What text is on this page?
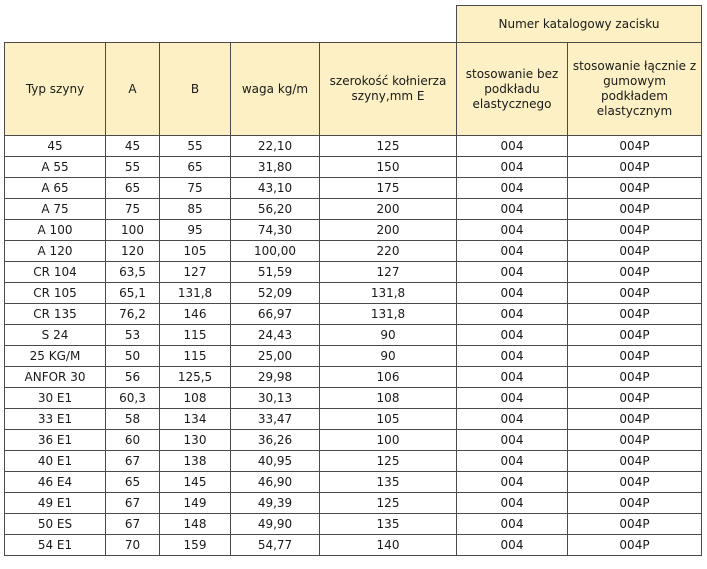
					Numer katalogowy zacisku	
Typ szyny	A	B	waga kg/m	szerokość kołnierza szyny,mm E	stosowanie bez podkładu elastycznego	stosowanie łącznie z gumowym podkładem elastycznym
45	45	55	22,10	125	004	004P
A 55	55	65	31,80	150	004	004P
A 65	65	75	43,10	175	004	004P
A 75	75	85	56,20	200	004	004P
A 100	100	95	74,30	200	004	004P
A 120	120	105	100,00	220	004	004P
CR 104	63,5	127	51,59	127	004	004P
CR 105	65,1	131,8	52,09	131,8	004	004P
CR 135	76,2	146	66,97	131,8	004	004P
S 24	53	115	24,43	90	004	004P
25 KG/M	50	115	25,00	90	004	004P
ANFOR 30	56	125,5	29,98	106	004	004P
30 E1	60,3	108	30,13	108	004	004P
33 E1	58	134	33,47	105	004	004P
36 E1	60	130	36,26	100	004	004P
40 E1	67	138	40,95	125	004	004P
46 E4	65	145	46,90	135	004	004P
49 E1	67	149	49,39	125	004	004P
50 ES	67	148	49,90	135	004	004P
54 E1	70	159	54,77	140	004	004P
